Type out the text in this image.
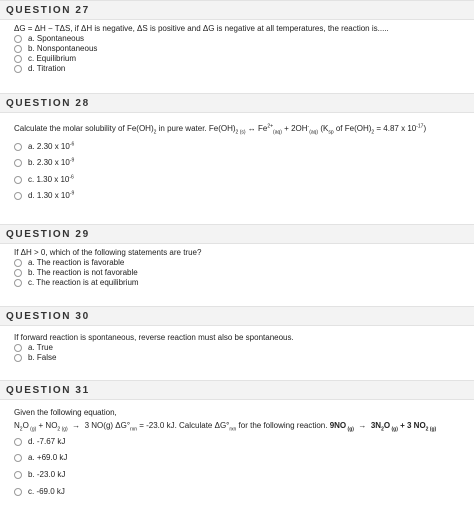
QUESTION 27
ΔG = ΔH − TΔS, if ΔH is negative, ΔS is positive and ΔG is negative at all temperatures, the reaction is.....
a. Spontaneous
b. Nonspontaneous
c. Equilibrium
d. Titration
QUESTION 28
Calculate the molar solubility of $Fe(OH)_2$ in pure water. $Fe(OH)_{2 (s)}$ ↔ $Fe^{2+}_{(aq)} + 2OH^-_{(aq)}$ ($K_{sp}$ of $Fe(OH)_2 = 4.87$ x $10^{-17}$)
a. 2.30 x $10^{-6}$
b. 2.30 x $10^{-9}$
c. 1.30 x $10^{-6}$
d. 1.30 x $10^{-9}$
QUESTION 29
If ΔH > 0, which of the following statements are true?
a. The reaction is favorable
b. The reaction is not favorable
c. The reaction is at equilibrium
QUESTION 30
If forward reaction is spontaneous, reverse reaction must also be spontaneous.
a. True
b. False
QUESTION 31
Given the following equation,
$N_2O$ $_{(g)} + NO_{2 (g)} \to 3$ NO(g) $\Delta G^\circ_{rxn} = -23.0$ kJ. Calculate $\Delta G^\circ_{rxn}$ for the following reaction. 9NO $_{(g)} \to 3N_2O$ $_{(g)}$ + 3 $NO_{2 (g)}$
d. -7.67 kJ
a. +69.0 kJ
b. -23.0 kJ
c. -69.0 kJ
